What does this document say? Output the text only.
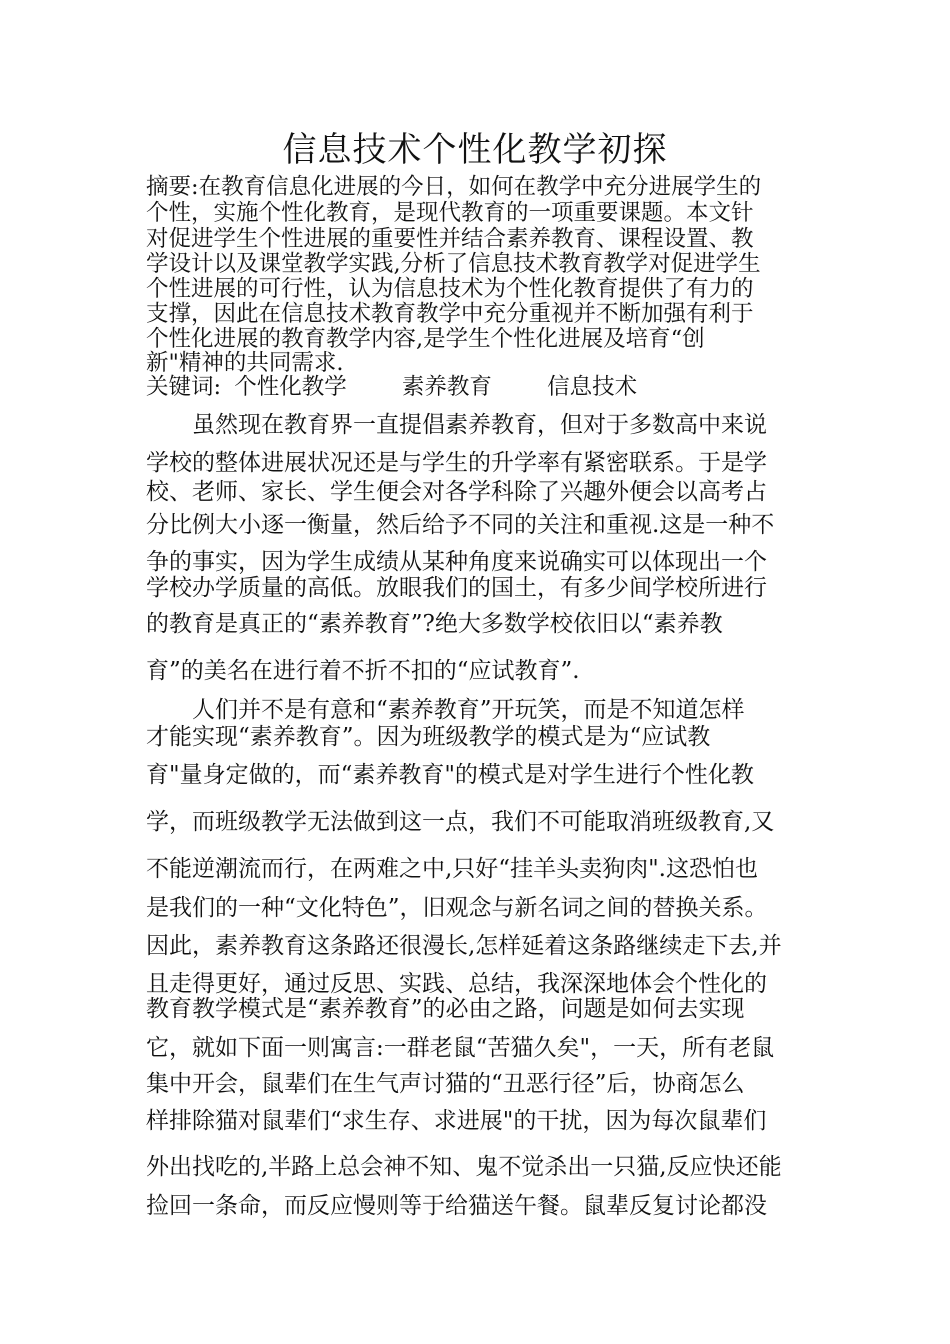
信息技术个性化教学初探
摘要:在教育信息化进展的今日，如何在教学中充分进展学生的
个性，实施个性化教育，是现代教育的一项重要课题。本文针
对促进学生个性进展的重要性并结合素养教育、课程设置、教
学设计以及课堂教学实践,分析了信息技术教育教学对促进学生
个性进展的可行性，认为信息技术为个性化教育提供了有力的
支撑，因此在信息技术教育教学中充分重视并不断加强有利于
个性化进展的教育教学内容,是学生个性化进展及培育“创
新"精神的共同需求.
关键词: 个性化教学 素养教育 信息技术
　　虽然现在教育界一直提倡素养教育，但对于多数高中来说
学校的整体进展状况还是与学生的升学率有紧密联系。于是学
校、老师、家长、学生便会对各学科除了兴趣外便会以高考占
分比例大小逐一衡量，然后给予不同的关注和重视.这是一种不
争的事实，因为学生成绩从某种角度来说确实可以体现出一个
学校办学质量的高低。放眼我们的国土，有多少间学校所进行
的教育是真正的“素养教育”?绝大多数学校依旧以“素养教
育”的美名在进行着不折不扣的“应试教育”.
　　人们并不是有意和“素养教育”开玩笑，而是不知道怎样
才能实现“素养教育”。因为班级教学的模式是为“应试教
育"量身定做的，而“素养教育"的模式是对学生进行个性化教
学，而班级教学无法做到这一点，我们不可能取消班级教育,又
不能逆潮流而行，在两难之中,只好“挂羊头卖狗肉".这恐怕也
是我们的一种“文化特色”，旧观念与新名词之间的替换关系。
因此，素养教育这条路还很漫长,怎样延着这条路继续走下去,并
且走得更好，通过反思、实践、总结，我深深地体会个性化的
教育教学模式是“素养教育”的必由之路，问题是如何去实现
它，就如下面一则寓言:一群老鼠“苦猫久矣"，一天，所有老鼠
集中开会，鼠辈们在生气声讨猫的“丑恶行径”后，协商怎么
样排除猫对鼠辈们“求生存、求进展"的干扰，因为每次鼠辈们
外出找吃的,半路上总会神不知、鬼不觉杀出一只猫,反应快还能
捡回一条命，而反应慢则等于给猫送午餐。鼠辈反复讨论都没
